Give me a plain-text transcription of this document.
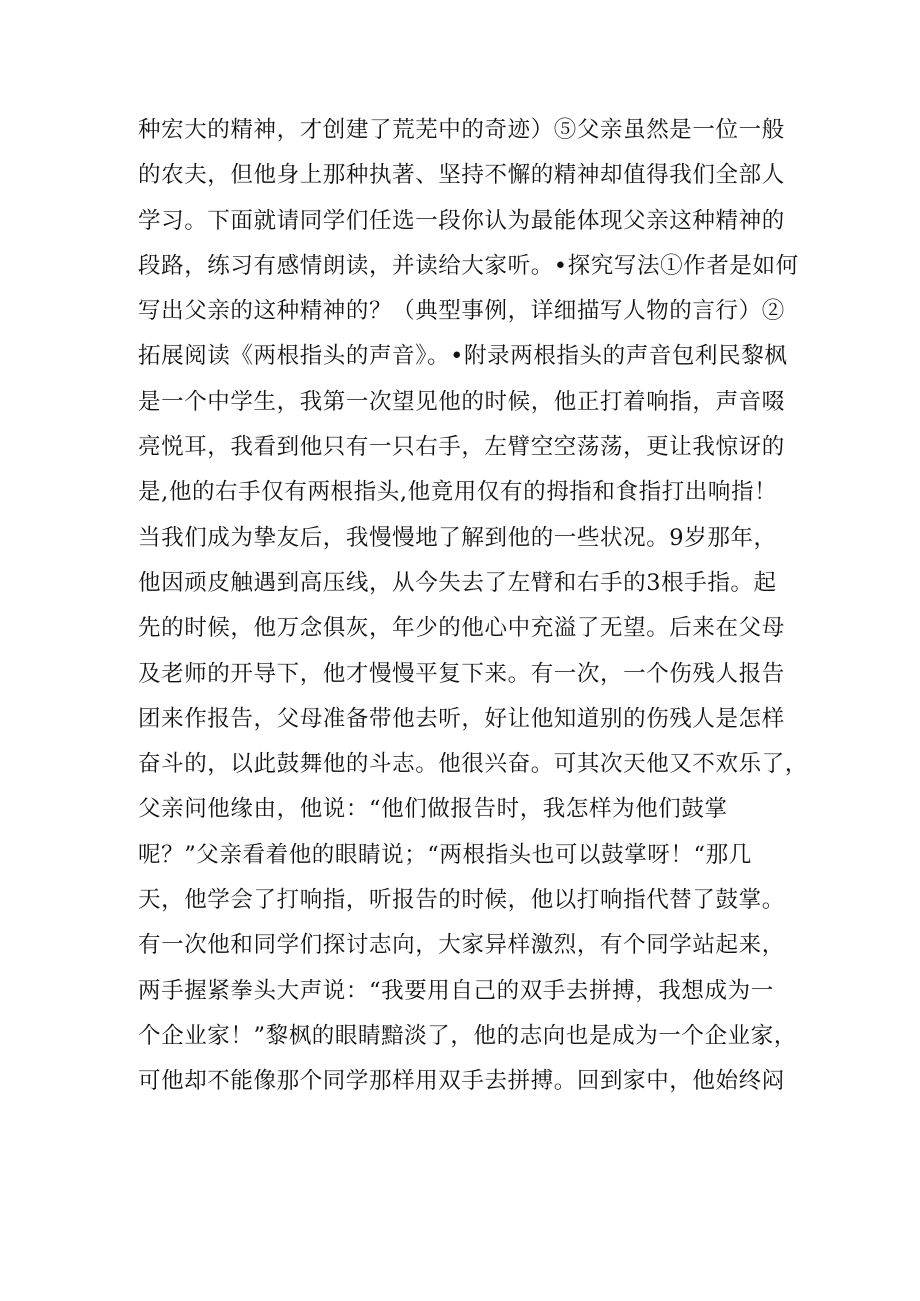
种宏大的精神，才创建了荒芜中的奇迹）⑤父亲虽然是一位一般
的农夫，但他身上那种执著、坚持不懈的精神却值得我们全部人
学习。下面就请同学们任选一段你认为最能体现父亲这种精神的
段路，练习有感情朗读，并读给大家听。•探究写法①作者是如何
写出父亲的这种精神的？（典型事例，详细描写人物的言行）②
拓展阅读《两根指头的声音》。•附录两根指头的声音包利民黎枫
是一个中学生，我第一次望见他的时候，他正打着响指，声音啜
亮悦耳，我看到他只有一只右手，左臂空空荡荡，更让我惊讶的
是,他的右手仅有两根指头,他竟用仅有的拇指和食指打出响指！
当我们成为挚友后，我慢慢地了解到他的一些状况。9岁那年，
他因顽皮触遇到高压线，从今失去了左臂和右手的3根手指。起
先的时候，他万念俱灰，年少的他心中充溢了无望。后来在父母
及老师的开导下，他才慢慢平复下来。有一次，一个伤残人报告
团来作报告，父母准备带他去听，好让他知道别的伤残人是怎样
奋斗的，以此鼓舞他的斗志。他很兴奋。可其次天他又不欢乐了，
父亲问他缘由，他说：“他们做报告时，我怎样为他们鼓掌
呢？”父亲看着他的眼睛说；“两根指头也可以鼓掌呀！“那几
天，他学会了打响指，听报告的时候，他以打响指代替了鼓掌。
有一次他和同学们探讨志向，大家异样激烈，有个同学站起来，
两手握紧拳头大声说：“我要用自己的双手去拼搏，我想成为一
个企业家！”黎枫的眼睛黯淡了，他的志向也是成为一个企业家，
可他却不能像那个同学那样用双手去拼搏。回到家中，他始终闷
